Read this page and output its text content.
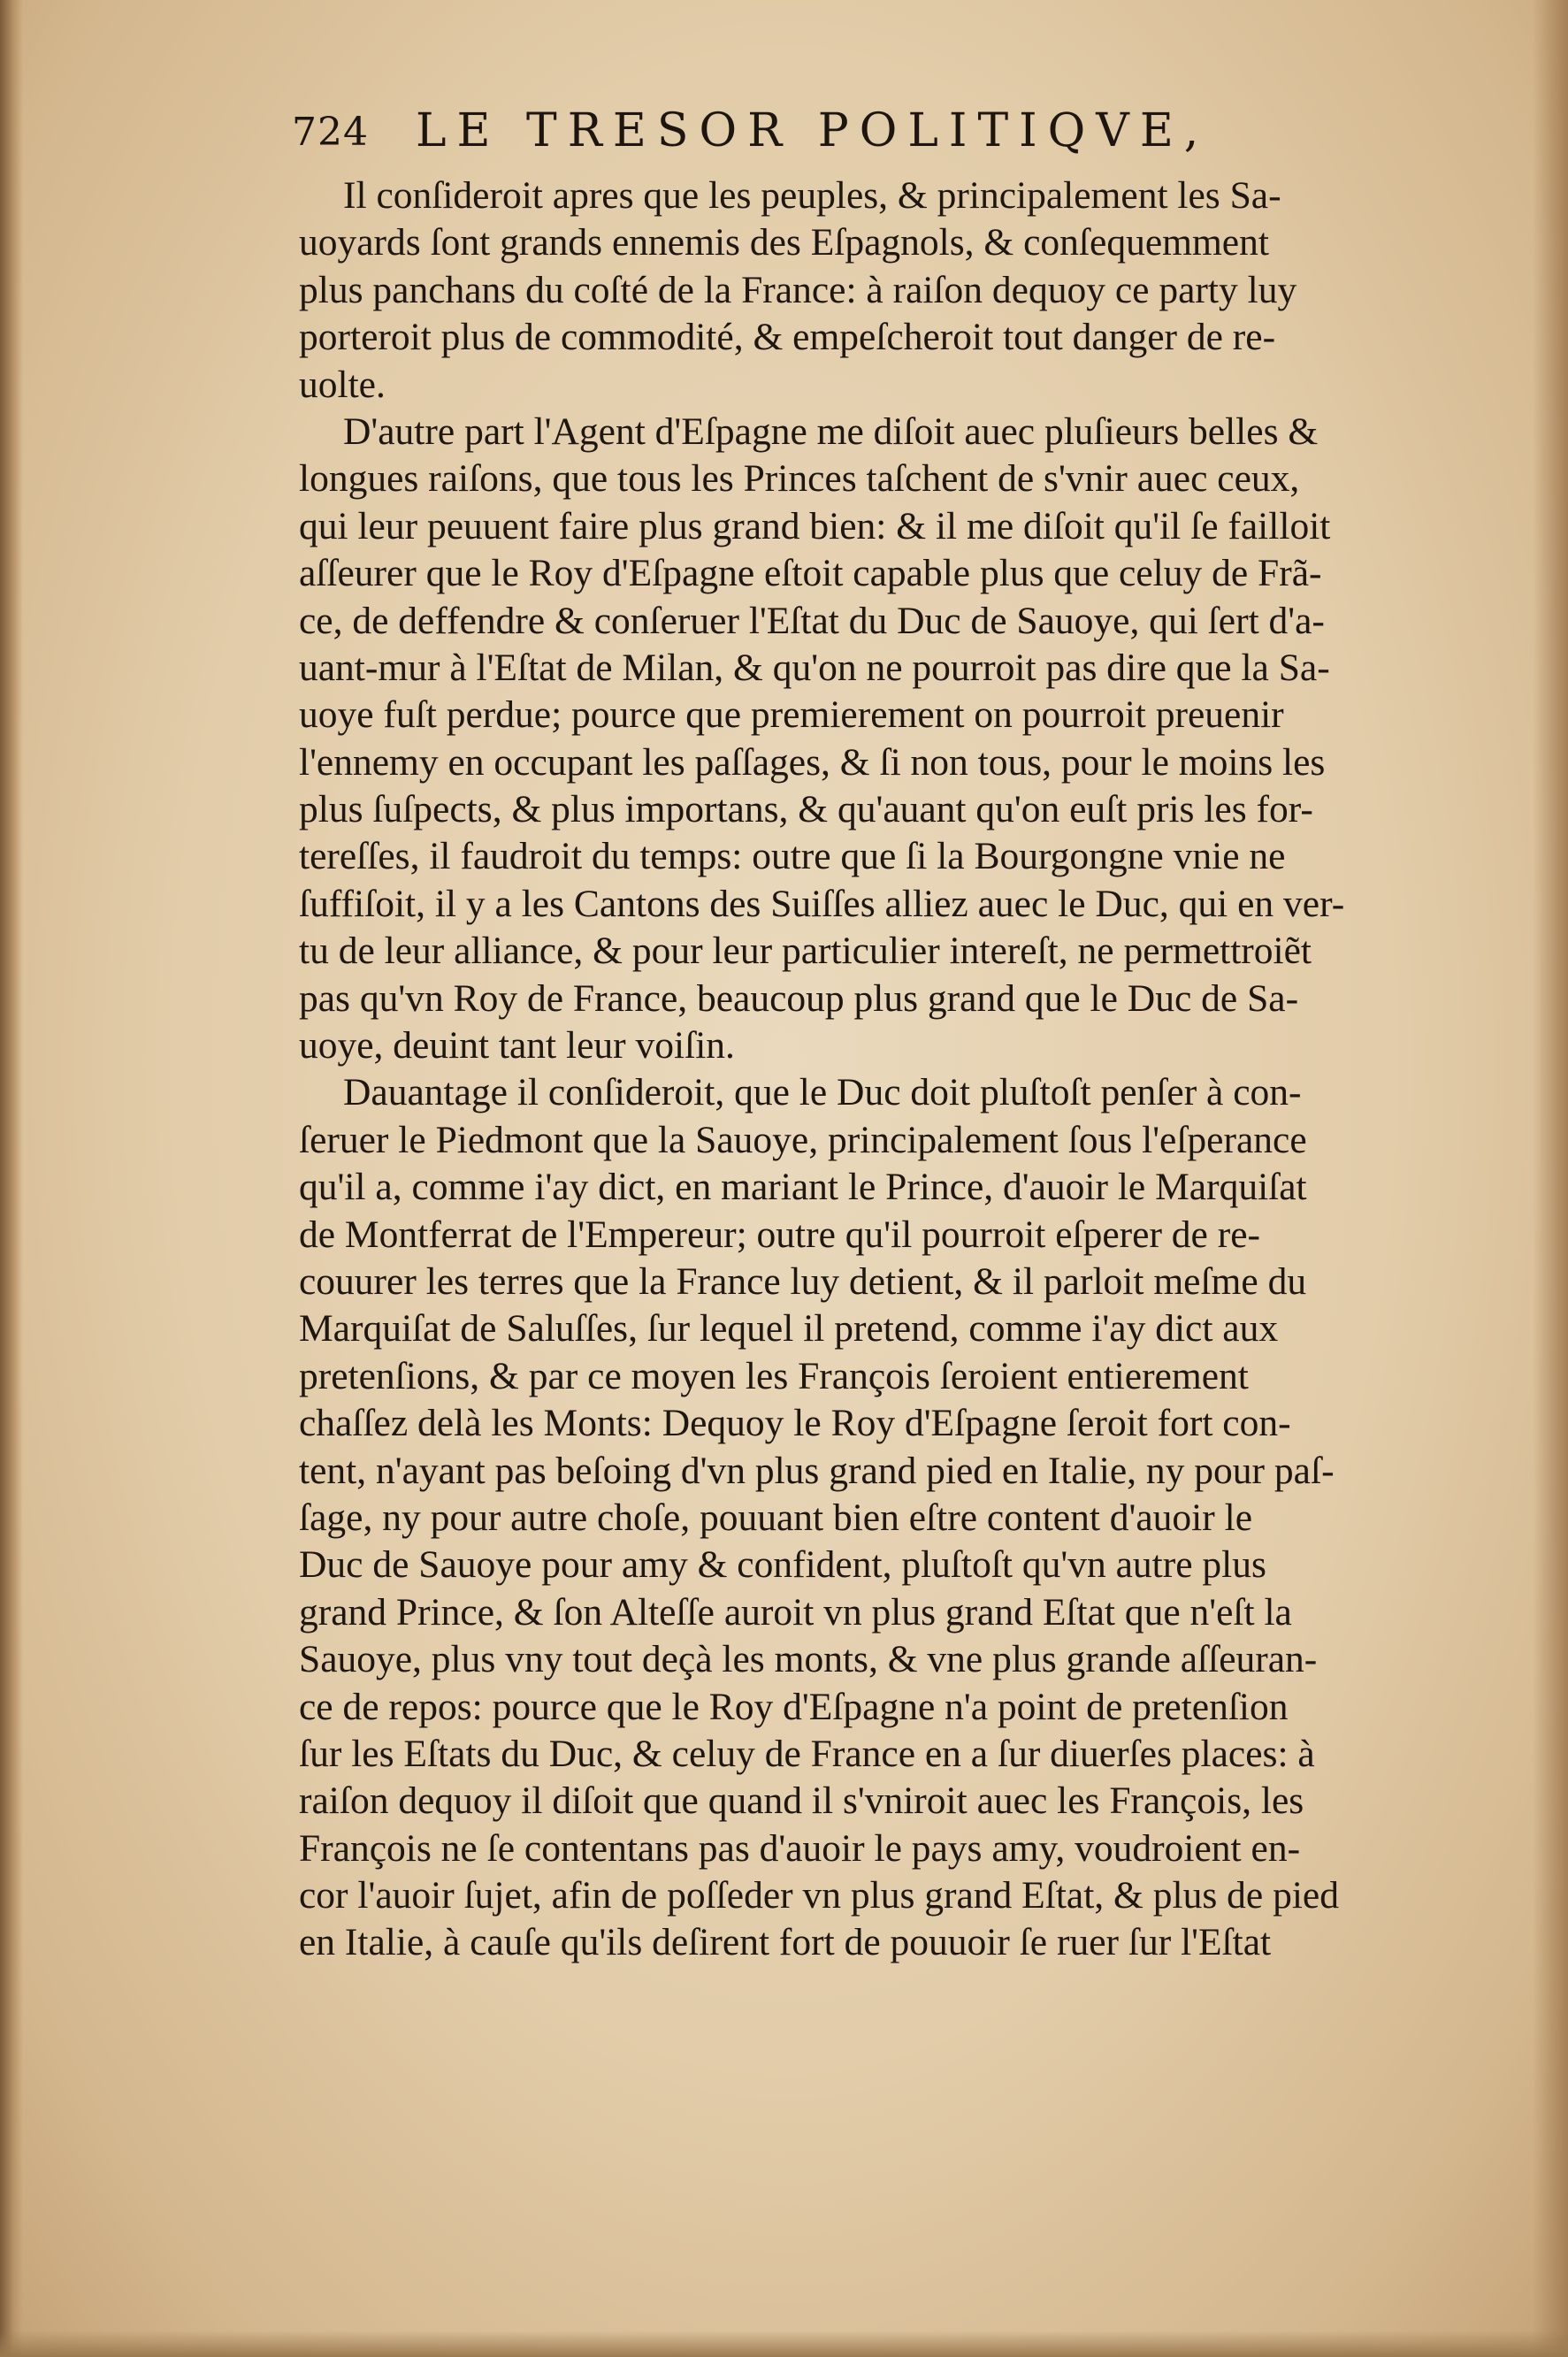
724 LE TRESOR POLITIQVE,
Il conſideroit apres que les peuples, & principalement les Sa-
uoyards ſont grands ennemis des Eſpagnols, & conſequemment
plus panchans du coſté de la France: à raiſon dequoy ce party luy
porteroit plus de commodité, & empeſcheroit tout danger de re-
uolte.
D'autre part l'Agent d'Eſpagne me diſoit auec pluſieurs belles &
longues raiſons, que tous les Princes taſchent de s'vnir auec ceux,
qui leur peuuent faire plus grand bien: & il me diſoit qu'il ſe failloit
aſſeurer que le Roy d'Eſpagne eſtoit capable plus que celuy de Frã-
ce, de deffendre & conſeruer l'Eſtat du Duc de Sauoye, qui ſert d'a-
uant-mur à l'Eſtat de Milan, & qu'on ne pourroit pas dire que la Sa-
uoye fuſt perdue; pource que premierement on pourroit preuenir
l'ennemy en occupant les paſſages, & ſi non tous, pour le moins les
plus ſuſpects, & plus importans, & qu'auant qu'on euſt pris les for-
tereſſes, il faudroit du temps: outre que ſi la Bourgongne vnie ne
ſuffiſoit, il y a les Cantons des Suiſſes alliez auec le Duc, qui en ver-
tu de leur alliance, & pour leur particulier intereſt, ne permettroiẽt
pas qu'vn Roy de France, beaucoup plus grand que le Duc de Sa-
uoye, deuint tant leur voiſin.
Dauantage il conſideroit, que le Duc doit pluſtoſt penſer à con-
ſeruer le Piedmont que la Sauoye, principalement ſous l'eſperance
qu'il a, comme i'ay dict, en mariant le Prince, d'auoir le Marquiſat
de Montferrat de l'Empereur; outre qu'il pourroit eſperer de re-
couurer les terres que la France luy detient, & il parloit meſme du
Marquiſat de Saluſſes, ſur lequel il pretend, comme i'ay dict aux
pretenſions, & par ce moyen les François ſeroient entierement
chaſſez delà les Monts: Dequoy le Roy d'Eſpagne ſeroit fort con-
tent, n'ayant pas beſoing d'vn plus grand pied en Italie, ny pour paſ-
ſage, ny pour autre choſe, pouuant bien eſtre content d'auoir le
Duc de Sauoye pour amy & confident, pluſtoſt qu'vn autre plus
grand Prince, & ſon Alteſſe auroit vn plus grand Eſtat que n'eſt la
Sauoye, plus vny tout deçà les monts, & vne plus grande aſſeuran-
ce de repos: pource que le Roy d'Eſpagne n'a point de pretenſion
ſur les Eſtats du Duc, & celuy de France en a ſur diuerſes places: à
raiſon dequoy il diſoit que quand il s'vniroit auec les François, les
François ne ſe contentans pas d'auoir le pays amy, voudroient en-
cor l'auoir ſujet, afin de poſſeder vn plus grand Eſtat, & plus de pied
en Italie, à cauſe qu'ils deſirent fort de pouuoir ſe ruer ſur l'Eſtat
